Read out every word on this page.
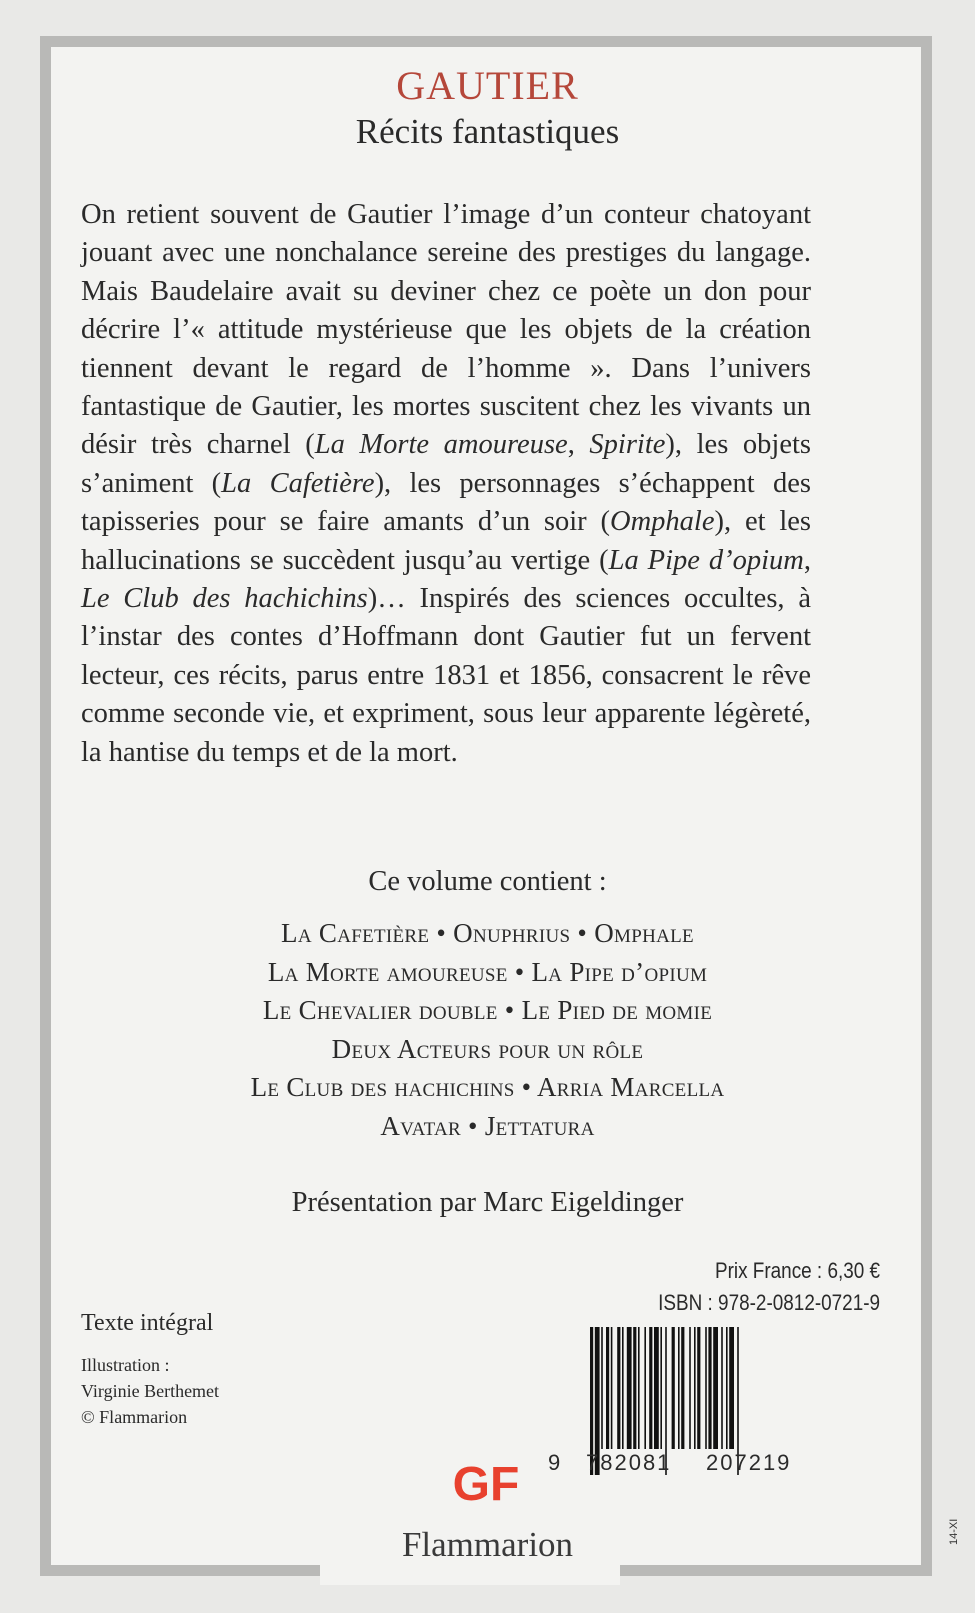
GAUTIER
Récits fantastiques
On retient souvent de Gautier l’image d’un conteur chatoyant jouant avec une nonchalance sereine des prestiges du langage. Mais Baudelaire avait su deviner chez ce poète un don pour décrire l’« attitude mystérieuse que les objets de la création tiennent devant le regard de l’homme ». Dans l’univers fantastique de Gautier, les mortes suscitent chez les vivants un désir très charnel (La Morte amoureuse, Spirite), les objets s’animent (La Cafetière), les personnages s’échappent des tapisseries pour se faire amants d’un soir (Omphale), et les hallucinations se succèdent jusqu’au vertige (La Pipe d’opium, Le Club des hachichins)… Inspirés des sciences occultes, à l’instar des contes d’Hoffmann dont Gautier fut un fervent lecteur, ces récits, parus entre 1831 et 1856, consacrent le rêve comme seconde vie, et expriment, sous leur apparente légèreté, la hantise du temps et de la mort.
Ce volume contient :
La Cafetière • Onuphrius • Omphale
La Morte amoureuse • La Pipe d’opium
Le Chevalier double • Le Pied de momie
Deux Acteurs pour un rôle
Le Club des hachichins • Arria Marcella
Avatar • Jettatura
Présentation par Marc Eigeldinger
Prix France : 6,30 €
ISBN : 978-2-0812-0721-9
9	782081	207219
Texte intégral
Illustration :
Virginie Berthemet
© Flammarion
GF
Flammarion	14-XI
